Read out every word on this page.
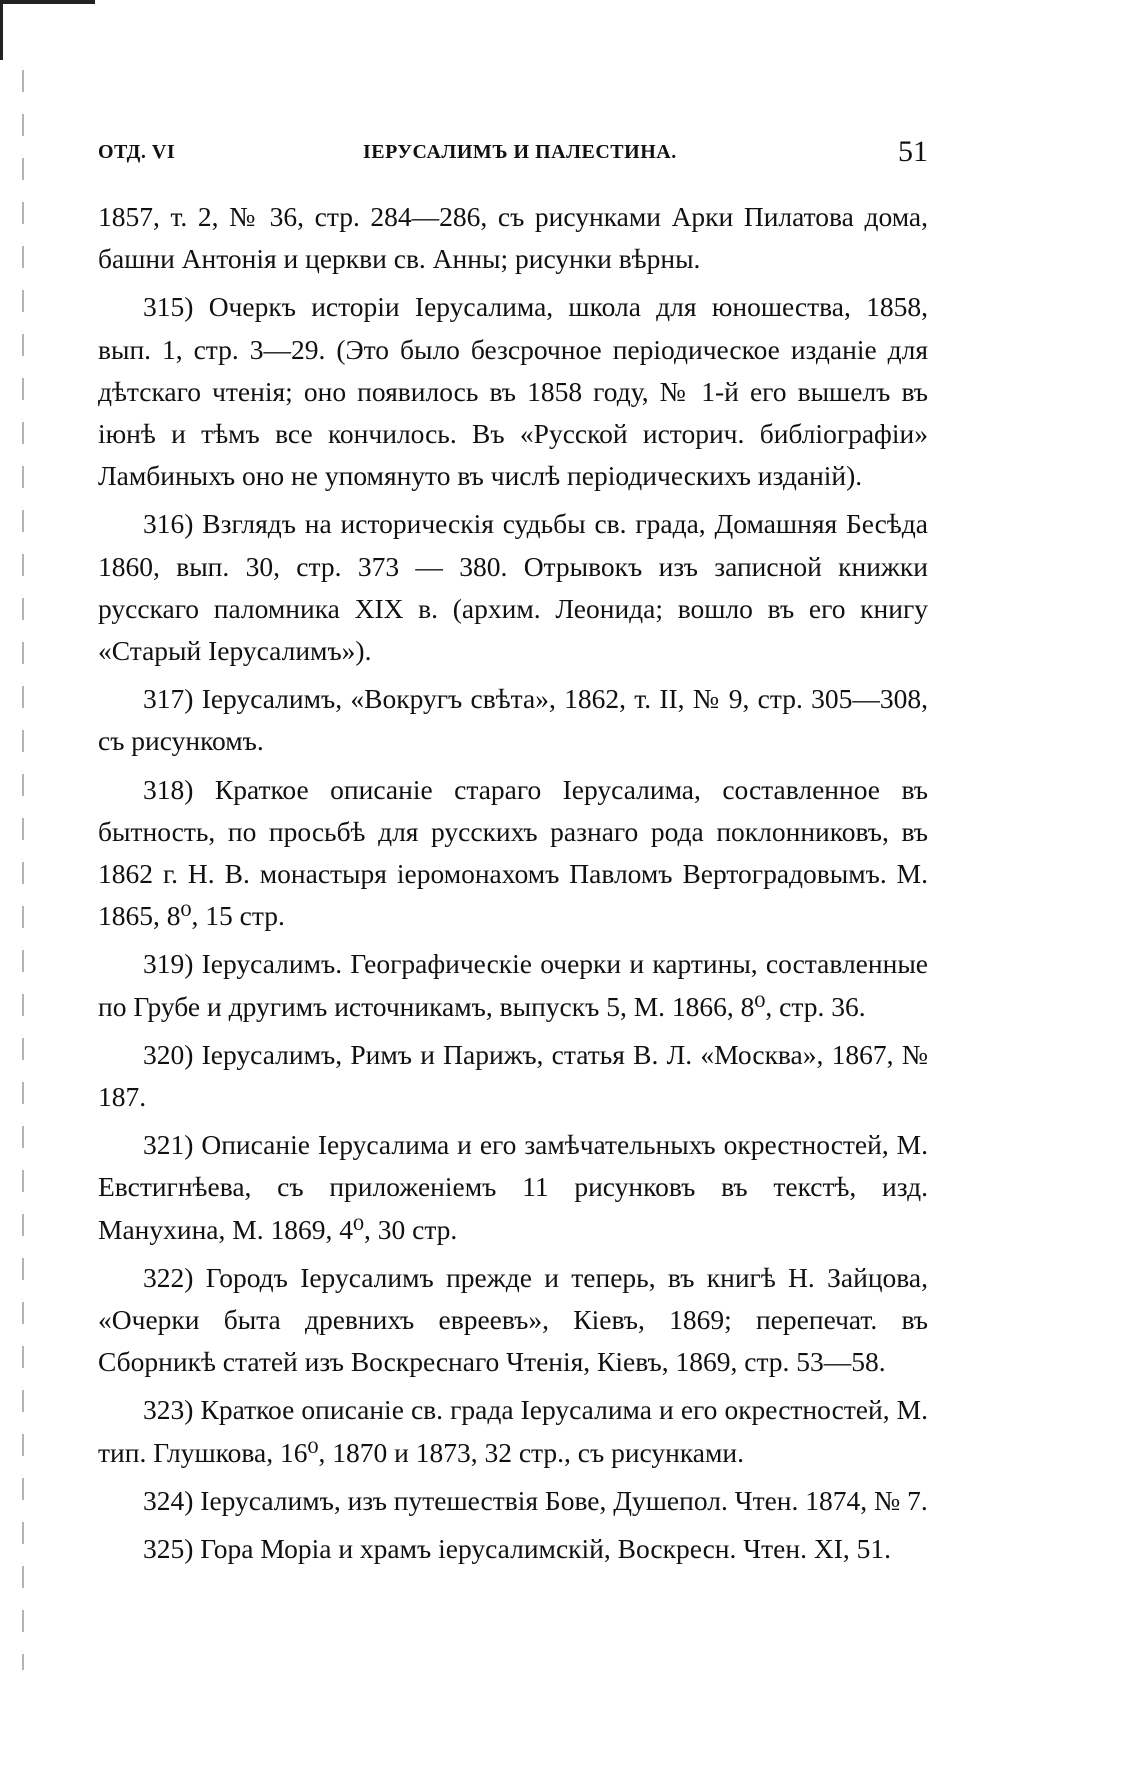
ОТД. VI	ІЕРУСАЛИМЪ И ПАЛЕСТИНА.	51

1857, т. 2, № 36, стр. 284—286, съ рисунками Арки Пилатова дома, башни Антонія и церкви св. Анны; рисунки вѣрны.

315) Очеркъ исторіи Іерусалима, школа для юношества, 1858, вып. 1, стр. 3—29. (Это было безсрочное періодическое изданіе для дѣтскаго чтенія; оно появилось въ 1858 году, № 1-й его вышелъ въ іюнѣ и тѣмъ все кончилось. Въ «Русской историч. библіографіи» Ламбиныхъ оно не упомянуто въ числѣ періодическихъ изданій).

316) Взглядъ на историческія судьбы св. града, Домашняя Бесѣда 1860, вып. 30, стр. 373 — 380. Отрывокъ изъ записной книжки русскаго паломника XIX в. (архим. Леонида; вошло въ его книгу «Старый Іерусалимъ»).

317) Іерусалимъ, «Вокругъ свѣта», 1862, т. II, № 9, стр. 305—308, съ рисункомъ.

318) Краткое описаніе стараго Іерусалима, составленное въ бытность, по просьбѣ для русскихъ разнаго рода поклонниковъ, въ 1862 г. Н. В. монастыря іеромонахомъ Павломъ Вертоградовымъ. М. 1865, 8⁰, 15 стр.

319) Іерусалимъ. Географическіе очерки и картины, составленные по Грубе и другимъ источникамъ, выпускъ 5, М. 1866, 8⁰, стр. 36.

320) Іерусалимъ, Римъ и Парижъ, статья В. Л. «Москва», 1867, № 187.

321) Описаніе Іерусалима и его замѣчательныхъ окрестностей, М. Евстигнѣева, съ приложеніемъ 11 рисунковъ въ текстѣ, изд. Манухина, М. 1869, 4⁰, 30 стр.

322) Городъ Іерусалимъ прежде и теперь, въ книгѣ Н. Зайцова, «Очерки быта древнихъ евреевъ», Кіевъ, 1869; перепечат. въ Сборникѣ статей изъ Воскреснаго Чтенія, Кіевъ, 1869, стр. 53—58.

323) Краткое описаніе св. града Іерусалима и его окрестностей, М. тип. Глушкова, 16⁰, 1870 и 1873, 32 стр., съ рисунками.

324) Іерусалимъ, изъ путешествія Бове, Душепол. Чтен. 1874, № 7.

325) Гора Моріа и храмъ іерусалимскій, Воскресн. Чтен. XI, 51.
